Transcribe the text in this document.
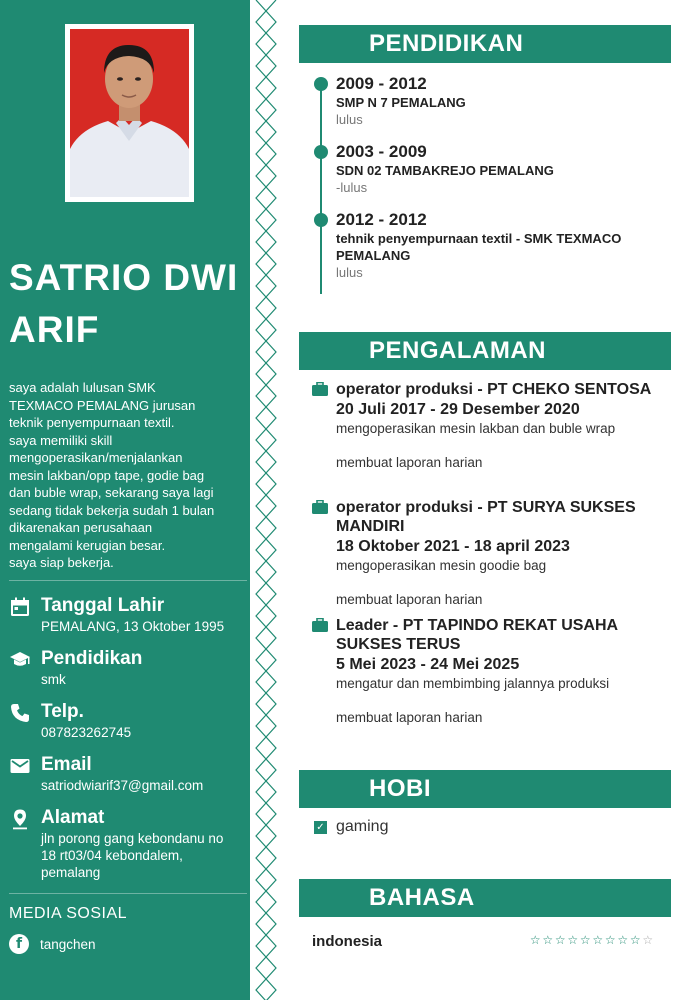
SATRIO DWI ARIF
saya adalah lulusan SMK
TEXMACO PEMALANG jurusan
teknik penyempurnaan textil.
saya memiliki skill
mengoperasikan/menjalankan
mesin lakban/opp tape, godie bag
dan buble wrap, sekarang saya lagi
sedang tidak bekerja sudah 1 bulan
dikarenakan perusahaan
mengalami kerugian besar.
saya siap bekerja.
Tanggal Lahir
PEMALANG, 13 Oktober 1995
Pendidikan
smk
Telp.
087823262745
Email
satriodwiarif37@gmail.com
Alamat
jln porong gang kebondanu no
18 rt03/04 kebondalem,
pemalang
MEDIA SOSIAL
f	tangchen
PENDIDIKAN
2009 - 2012
SMP N 7 PEMALANG
lulus
2003 - 2009
SDN 02 TAMBAKREJO PEMALANG
-lulus
2012 - 2012
tehnik penyempurnaan textil - SMK TEXMACO PEMALANG
lulus
PENGALAMAN
operator produksi - PT CHEKO SENTOSA
20 Juli 2017 - 29 Desember 2020
mengoperasikan mesin lakban dan buble wrap
membuat laporan harian
operator produksi - PT SURYA SUKSES MANDIRI
18 Oktober 2021 - 18 april 2023
mengoperasikan mesin goodie bag
membuat laporan harian
Leader - PT TAPINDO REKAT USAHA SUKSES TERUS
5 Mei 2023 - 24 Mei 2025
mengatur dan membimbing jalannya produksi
membuat laporan harian
HOBI
✓ gaming
BAHASA
indonesia	☆ ☆ ☆ ☆ ☆ ☆ ☆ ☆ ☆ ☆
